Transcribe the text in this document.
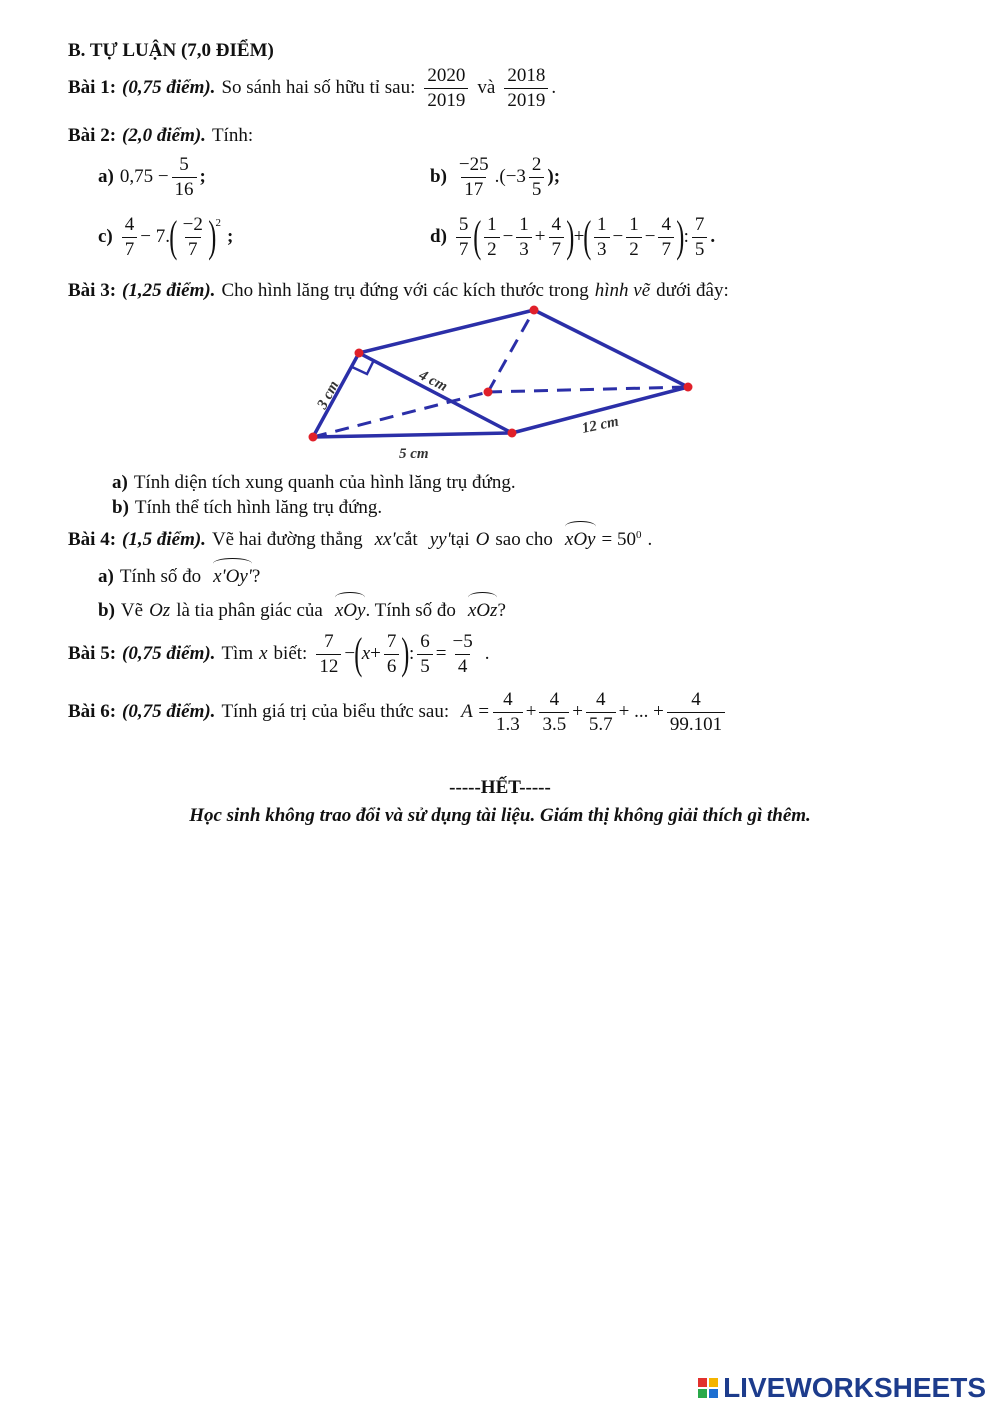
B. TỰ LUẬN (7,0 ĐIỂM)
Bài 1: (0,75 điểm). So sánh hai số hữu tỉ sau: $\frac{2020}{2019}$ và $\frac{2018}{2019}$ .
Bài 2: (2,0 điểm). Tính:
a) $0,75 - \frac{5}{16}$ ;	$b) \frac{-25}{17} .(-3 \frac{2}{5}$ );
$c) \frac{4}{7} - 7$. ( $\frac{-2}{7} )^2$
;	$d) \frac{5}{7}$ ( $\frac{1}{2} - \frac{1}{3} + \frac{4}{7}$ ) + ( $\frac{1}{3} - \frac{1}{2} - \frac{4}{7}$ ) : $\frac{7}{5}$ .
Bài 3: (1,25 điểm). Cho hình lăng trụ đứng với các kích thước trong hình vẽ dưới đây:
3 cm	4 cm
5 cm
12 cm
a) Tính diện tích xung quanh của hình lăng trụ đứng.
b) Tính thể tích hình lăng trụ đứng.
Bài 4: (1,5 điểm). Vẽ hai đường thẳng xx' cắt yy' tại O sao cho xOy = $50^0$ .
a) Tính số đo x'Oy' ?
b) Vẽ Oz là tia phân giác của xOy . Tính số đo xOz ?
Bài 5: (0,75 điểm). Tìm x biết: $\frac{7}{12}$ − ( $x + \frac{7}{6}$ ) : $\frac{6}{5} = \frac{-5}{4}$ .
Bài 6: (0,75 điểm). Tính giá trị của biểu thức sau: $A = \frac{4}{1.3} + \frac{4}{3.5} + \frac{4}{5.7}$ + ... + $\frac{4}{99.101}$
-----HẾT-----
Học sinh không trao đổi và sử dụng tài liệu. Giám thị không giải thích gì thêm.
LIVEWORKSHEETS
